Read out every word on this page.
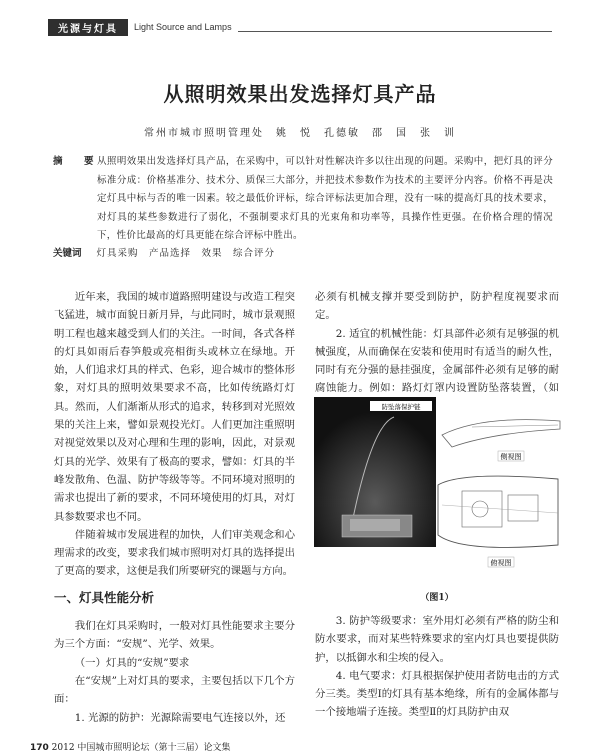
光源与灯具	Light Source and Lamps
从照明效果出发选择灯具产品
常州市城市照明管理处　姚　悦　孔德敏　邵　国　张　训
摘　要
从照明效果出发选择灯具产品，在采购中，可以针对性解决许多以往出现的问题。采购中，把灯具的评分标准分成：价格基准分、技术分、质保三大部分，并把技术参数作为技术的主要评分内容。价格不再是决定灯具中标与否的唯一因素。较之最低价评标，综合评标法更加合理，没有一味的提高灯具的技术要求，对灯具的某些参数进行了弱化，不强制要求灯具的光束角和功率等，具操作性更强。在价格合理的情况下，性价比最高的灯具更能在综合评标中胜出。
关键词 灯具采购　产品选择　效果　综合评分

近年来，我国的城市道路照明建设与改造工程突飞猛进，城市面貌日新月异，与此同时，城市景观照明工程也越来越受到人们的关注。一时间，各式各样的灯具如雨后春笋般或亮相街头或林立在绿地。开始，人们追求灯具的样式、色彩，迎合城市的整体形象，对灯具的照明效果要求不高，比如传统路灯灯具。然而，人们渐渐从形式的追求，转移到对光照效果的关注上来，譬如景观投光灯。人们更加注重照明对视觉效果以及对心理和生理的影响，因此，对景观灯具的光学、效果有了极高的要求，譬如：灯具的半峰发散角、色温、防护等级等等。不同环境对照明的需求也提出了新的要求，不同环境使用的灯具，对灯具参数要求也不同。

伴随着城市发展进程的加快，人们审美观念和心理需求的改变，要求我们城市照明对灯具的选择提出了更高的要求，这便是我们所要研究的课题与方向。

一、灯具性能分析

我们在灯具采购时，一般对灯具性能要求主要分为三个方面：“安规”、光学、效果。

（一）灯具的“安规”要求

在“安规”上对灯具的要求，主要包括以下几个方面：

1. 光源的防护：光源除需要电气连接以外，还

必须有机械支撑并要受到防护，防护程度视要求而定。

2. 适宜的机械性能：灯具部件必须有足够强的机械强度，从而确保在安装和使用时有适当的耐久性，同时有充分强的悬挂强度，金属部件必须有足够的耐腐蚀能力。例如：路灯灯罩内设置防坠落装置，（如

防坠落保护链
侧视图
俯视图
（图1）

3. 防护等级要求：室外用灯必须有严格的防尘和防水要求，而对某些特殊要求的室内灯具也要提供防护，以抵御水和尘埃的侵入。

4. 电气要求：灯具根据保护使用者防电击的方式分三类。类型Ⅰ的灯具有基本绝缘，所有的金属体都与一个接地端子连接。类型Ⅱ的灯具防护由双

170 2012 中国城市照明论坛（第十三届）论文集
